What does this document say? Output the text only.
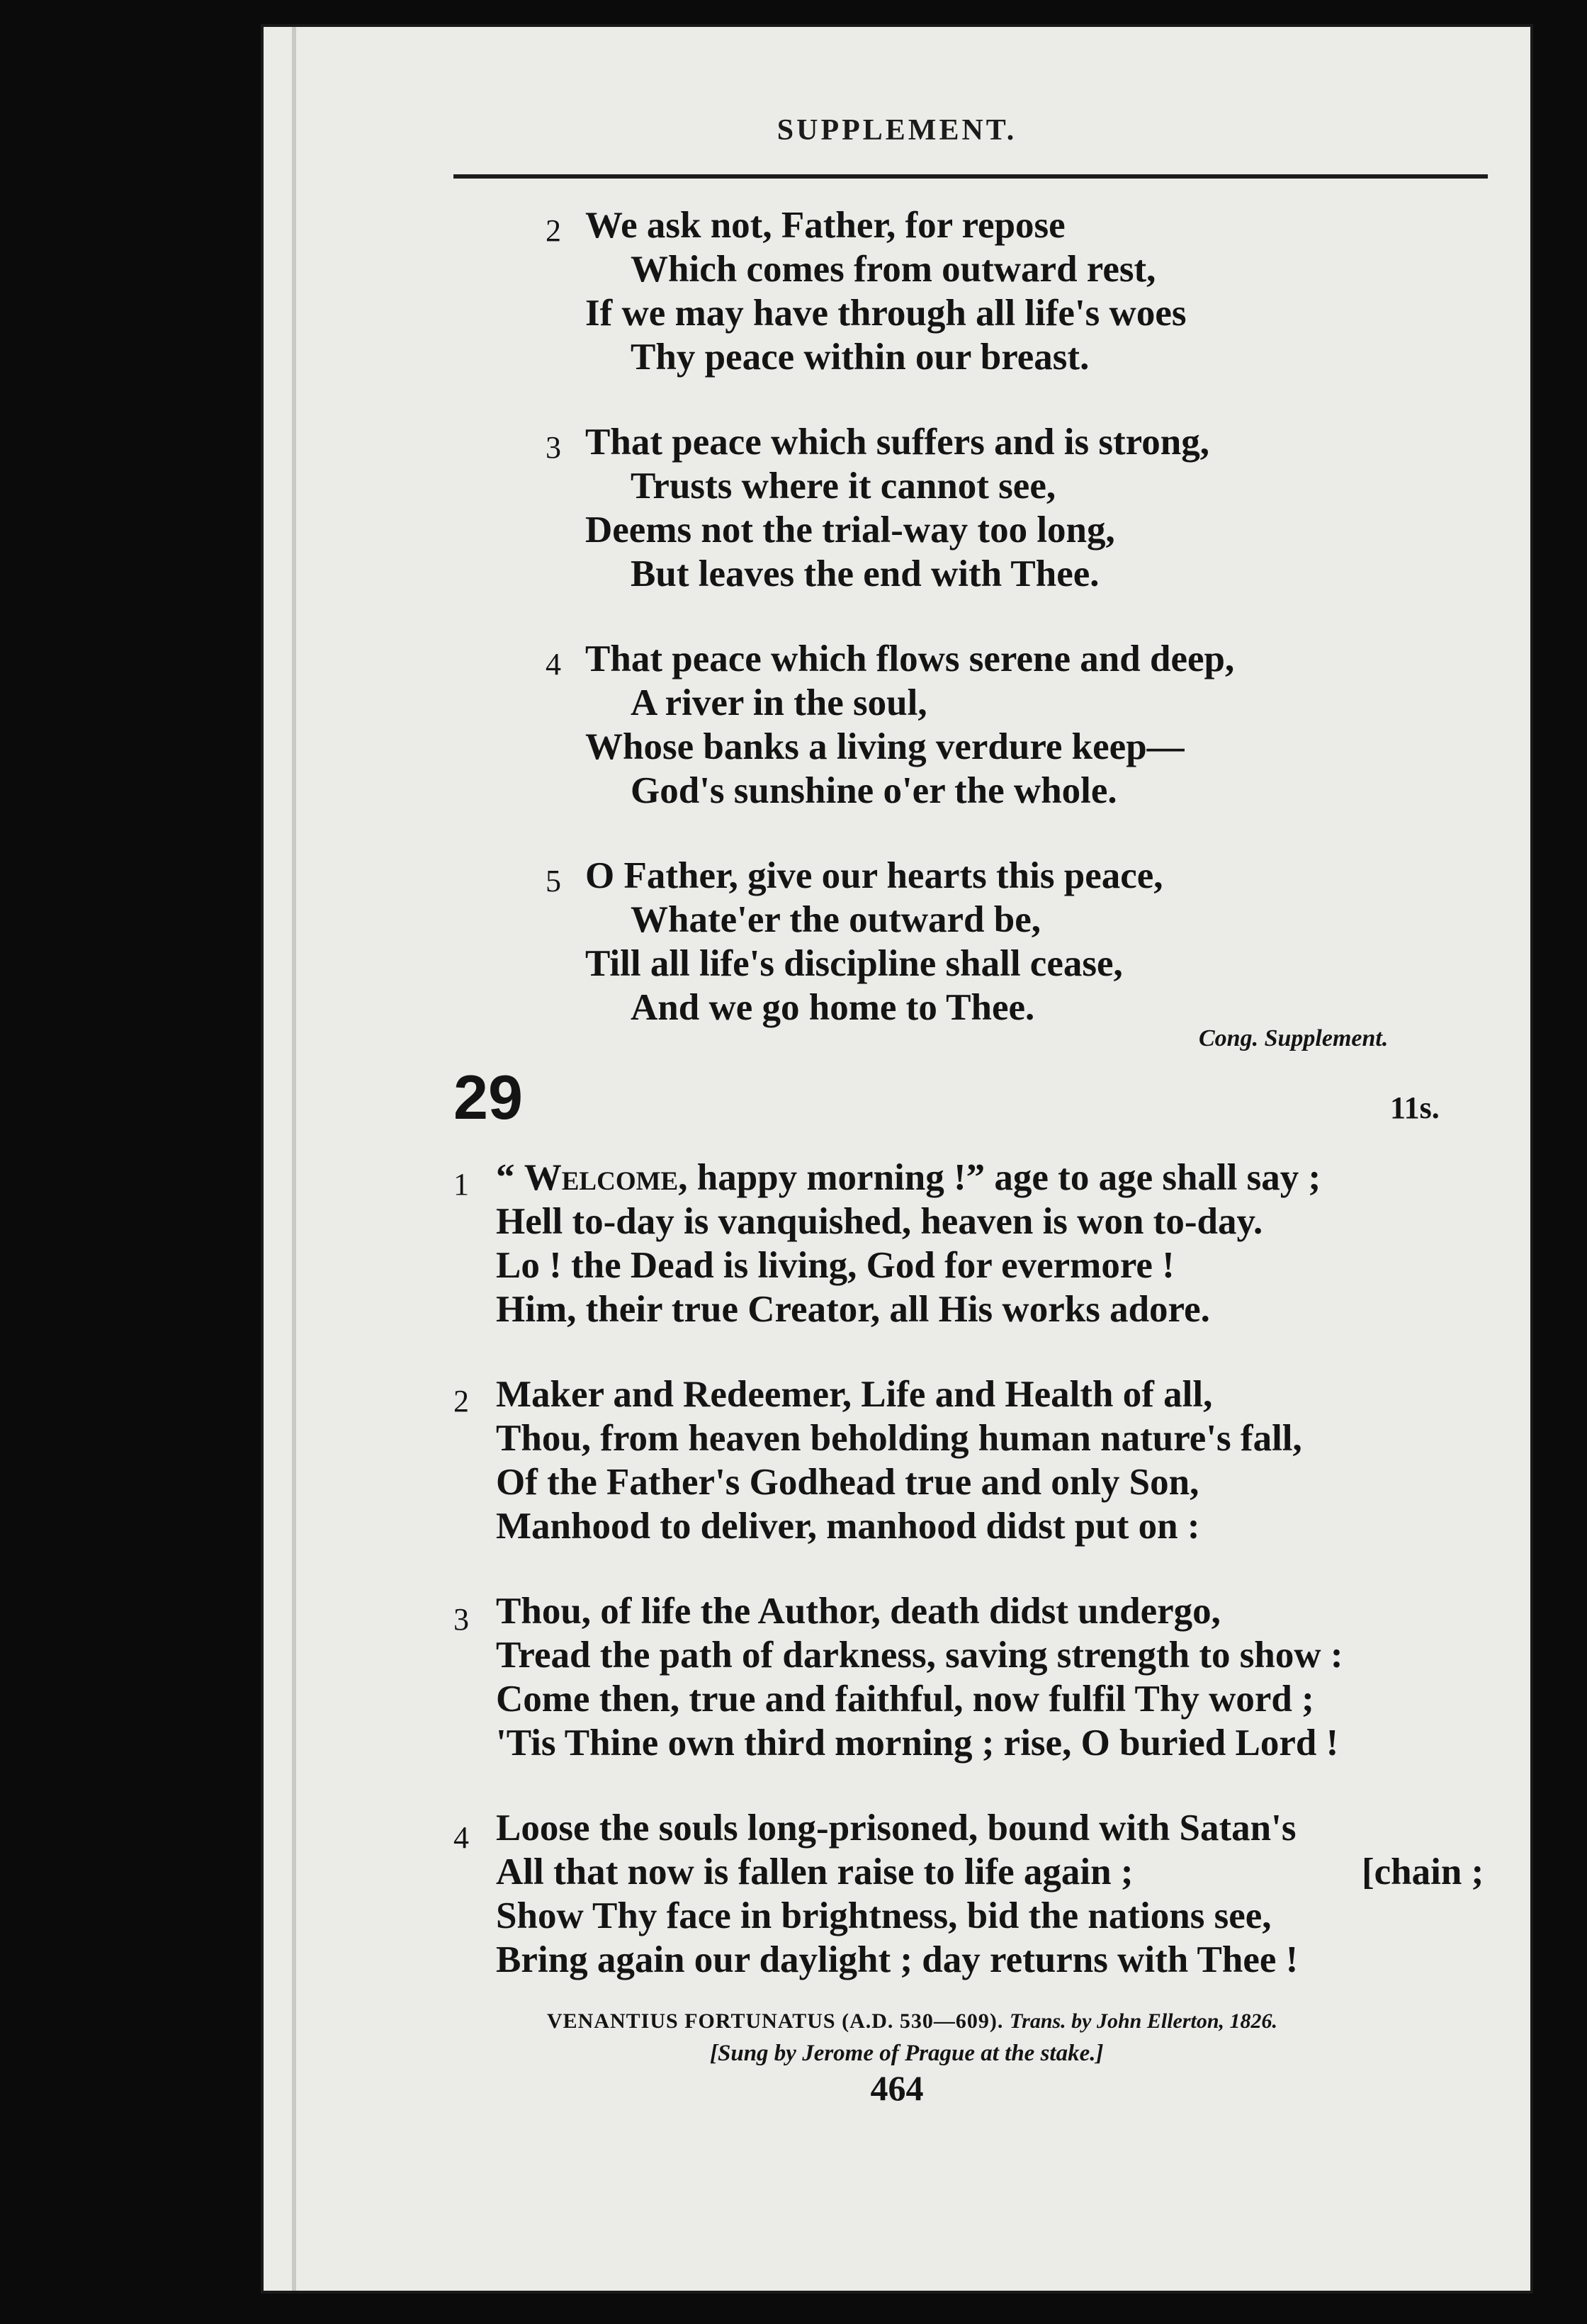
SUPPLEMENT.
2 We ask not, Father, for repose
Which comes from outward rest,
If we may have through all life's woes
Thy peace within our breast.
3 That peace which suffers and is strong,
Trusts where it cannot see,
Deems not the trial-way too long,
But leaves the end with Thee.
4 That peace which flows serene and deep,
A river in the soul,
Whose banks a living verdure keep—
God's sunshine o'er the whole.
5 O Father, give our hearts this peace,
Whate'er the outward be,
Till all life's discipline shall cease,
And we go home to Thee.
Cong. Supplement.
29	11s.
1 “ Welcome, happy morning !” age to age shall say ;
Hell to-day is vanquished, heaven is won to-day.
Lo ! the Dead is living, God for evermore !
Him, their true Creator, all His works adore.
2 Maker and Redeemer, Life and Health of all,
Thou, from heaven beholding human nature's fall,
Of the Father's Godhead true and only Son,
Manhood to deliver, manhood didst put on :
3 Thou, of life the Author, death didst undergo,
Tread the path of darkness, saving strength to show :
Come then, true and faithful, now fulfil Thy word ;
'Tis Thine own third morning ; rise, O buried Lord !
4 Loose the souls long-prisoned, bound with Satan's
All that now is fallen raise to life again ;	[chain ;
Show Thy face in brightness, bid the nations see,
Bring again our daylight ; day returns with Thee !
VENANTIUS FORTUNATUS (A.D. 530—609). Trans. by John Ellerton, 1826.
[Sung by Jerome of Prague at the stake.]
464
